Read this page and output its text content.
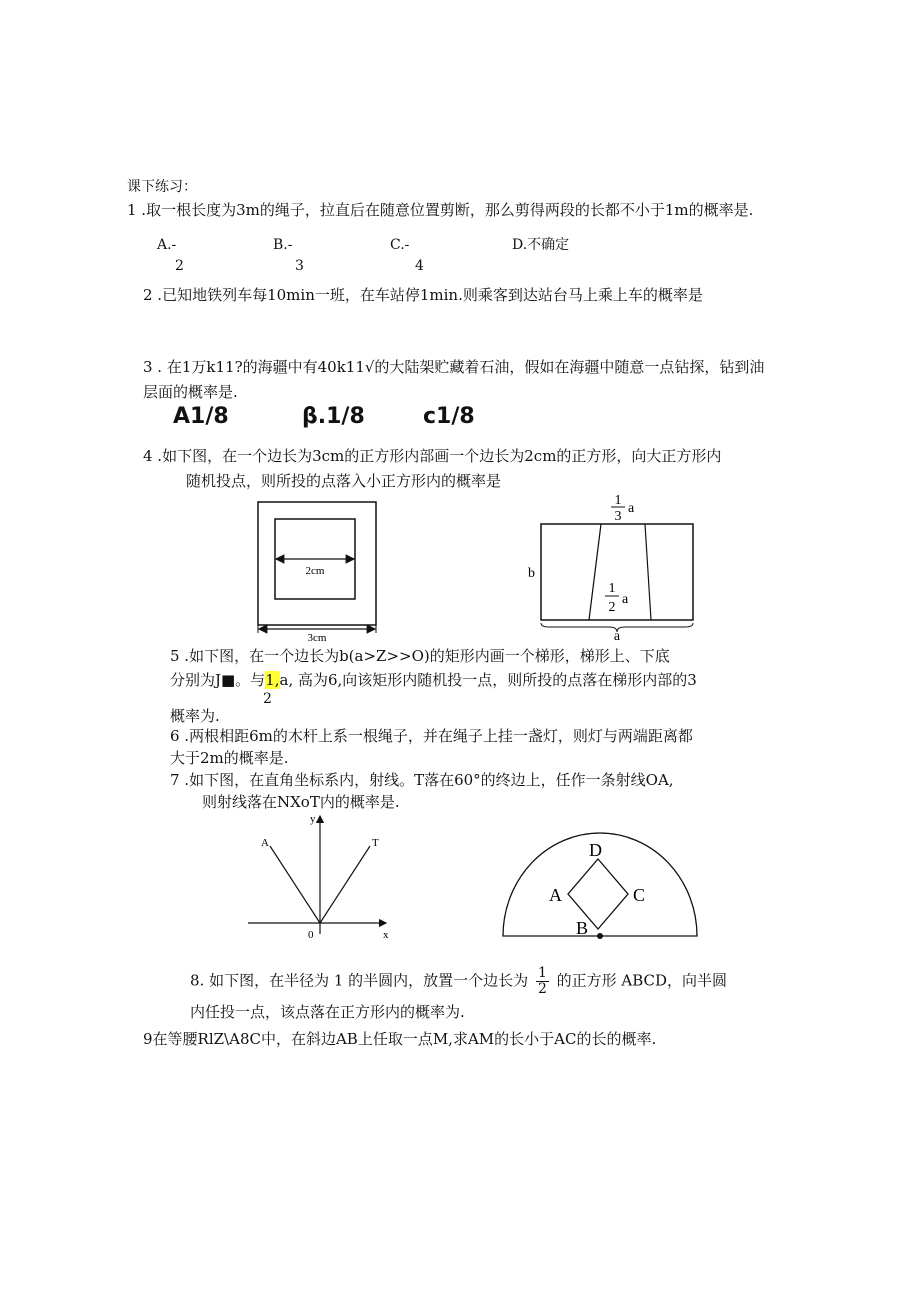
课下练习：
1 .取一根长度为3m的绳子，拉直后在随意位置剪断，那么剪得两段的长都不小于1m的概率是.
A.-
2
B.-
3
C.-
4
D.不确定
2 .已知地铁列车每10min一班，在车站停1min.则乘客到达站台马上乘上车的概率是
3 . 在1万k11?的海疆中有40k11√的大陆架贮藏着石油，假如在海疆中随意一点钻探，钻到油
层面的概率是.
A1/8	β.1/8	c1/8
4 .如下图，在一个边长为3cm的正方形内部画一个边长为2cm的正方形，向大正方形内
随机投点，则所投的点落入小正方形内的概率是
2cm
3cm
1
3
a
b
1
2
a
a
5 .如下图，在一个边长为b(a>Z>>O)的矩形内画一个梯形，梯形上、下底
分别为J■。与1,a, 高为6,向该矩形内随机投一点，则所投的点落在梯形内部的3
2
概率为.
6 .两根相距6m的木杆上系一根绳子，并在绳子上挂一盏灯，则灯与两端距离都
大于2m的概率是.
7 .如下图，在直角坐标系内，射线。T落在60°的终边上，任作一条射线OA,
则射线落在NXoT内的概率是.
y
x
0
A	T	D
A	C
B
8. 如下图，在半径为 1 的半圆内，放置一个边长为 $\frac{1}{2}$ 的正方形 ABCD，向半圆
内任投一点，该点落在正方形内的概率为.
9在等腰RlZ\A8C中，在斜边AB上任取一点M,求AM的长小于AC的长的概率.
